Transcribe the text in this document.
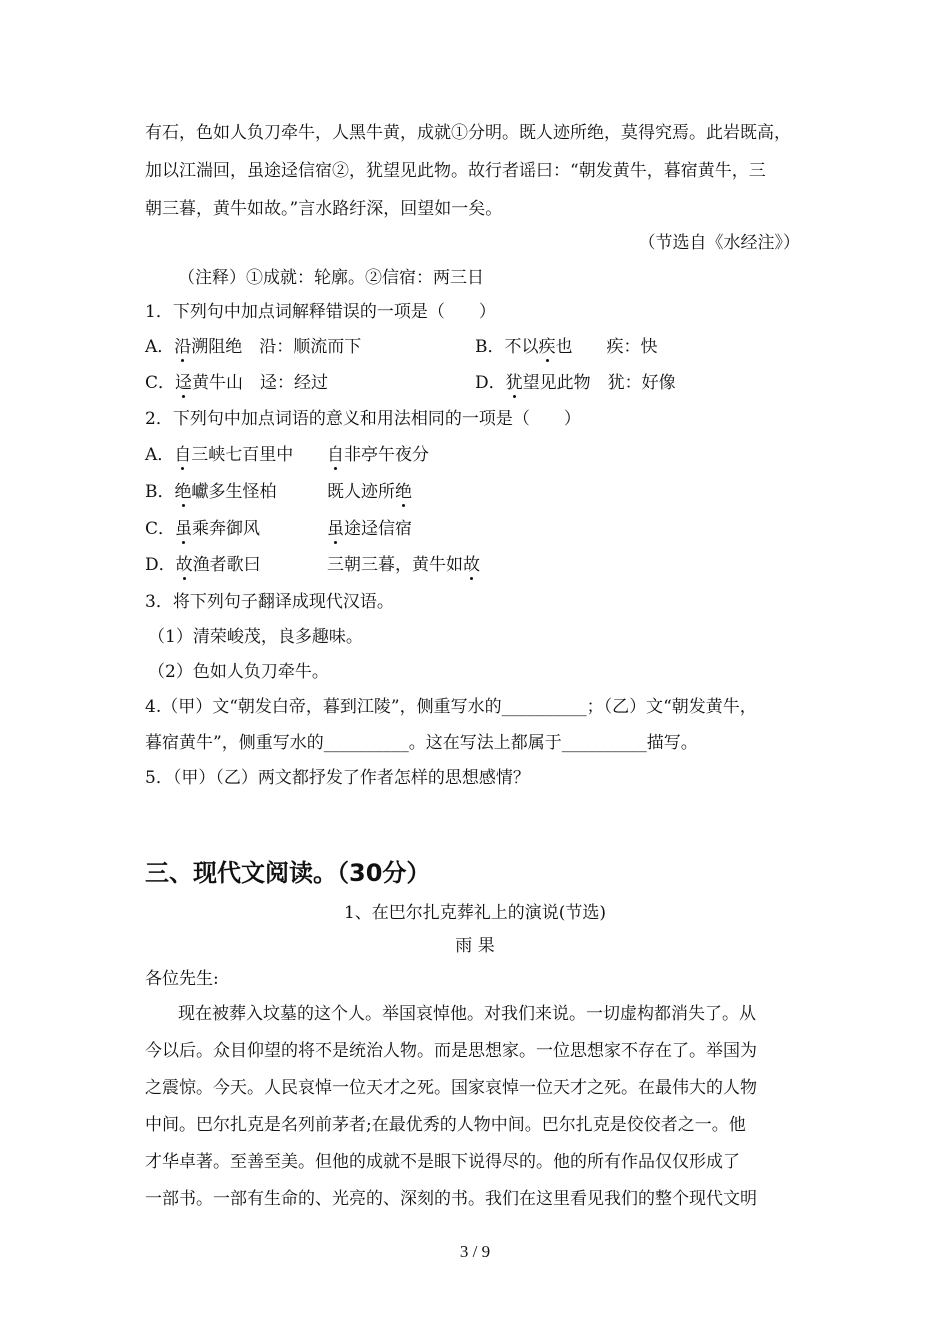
有石，色如人负刀牵牛，人黑牛黄，成就①分明。既人迹所绝，莫得究焉。此岩既高，
加以江湍回，虽途迳信宿②，犹望见此物。故行者谣曰：“朝发黄牛，暮宿黄牛，三
朝三暮，黄牛如故。”言水路纡深，回望如一矣。
（节选自《水经注》）
（注释）①成就：轮廓。②信宿：两三日
1．下列句中加点词解释错误的一项是（　　）
A．沿溯阻绝　沿：顺流而下	B．不以疾也　　疾：快
C．迳黄牛山　迳：经过	D．犹望见此物　犹：好像
2．下列句中加点词语的意义和用法相同的一项是（　　）
A．自三峡七百里中 自非亭午夜分
B．绝巘多生怪柏	既人迹所绝
C．虽乘奔御风	虽途迳信宿
D．故渔者歌曰	三朝三暮，黄牛如故
3．将下列句子翻译成现代汉语。
（1）清荣峻茂，良多趣味。
（2）色如人负刀牵牛。
4.（甲）文“朝发白帝，暮到江陵”，侧重写水的__________；（乙）文“朝发黄牛，
暮宿黄牛”，侧重写水的__________。这在写法上都属于__________描写。
5．（甲）（乙）两文都抒发了作者怎样的思想感情？
三、现代文阅读。（30分）
1、在巴尔扎克葬礼上的演说(节选)
雨 果
各位先生:
现在被葬入坟墓的这个人。举国哀悼他。对我们来说。一切虚构都消失了。从
今以后。众目仰望的将不是统治人物。而是思想家。一位思想家不存在了。举国为
之震惊。今天。人民哀悼一位天才之死。国家哀悼一位天才之死。在最伟大的人物
中间。巴尔扎克是名列前茅者;在最优秀的人物中间。巴尔扎克是佼佼者之一。他
才华卓著。至善至美。但他的成就不是眼下说得尽的。他的所有作品仅仅形成了
一部书。一部有生命的、光亮的、深刻的书。我们在这里看见我们的整个现代文明
3 / 9
